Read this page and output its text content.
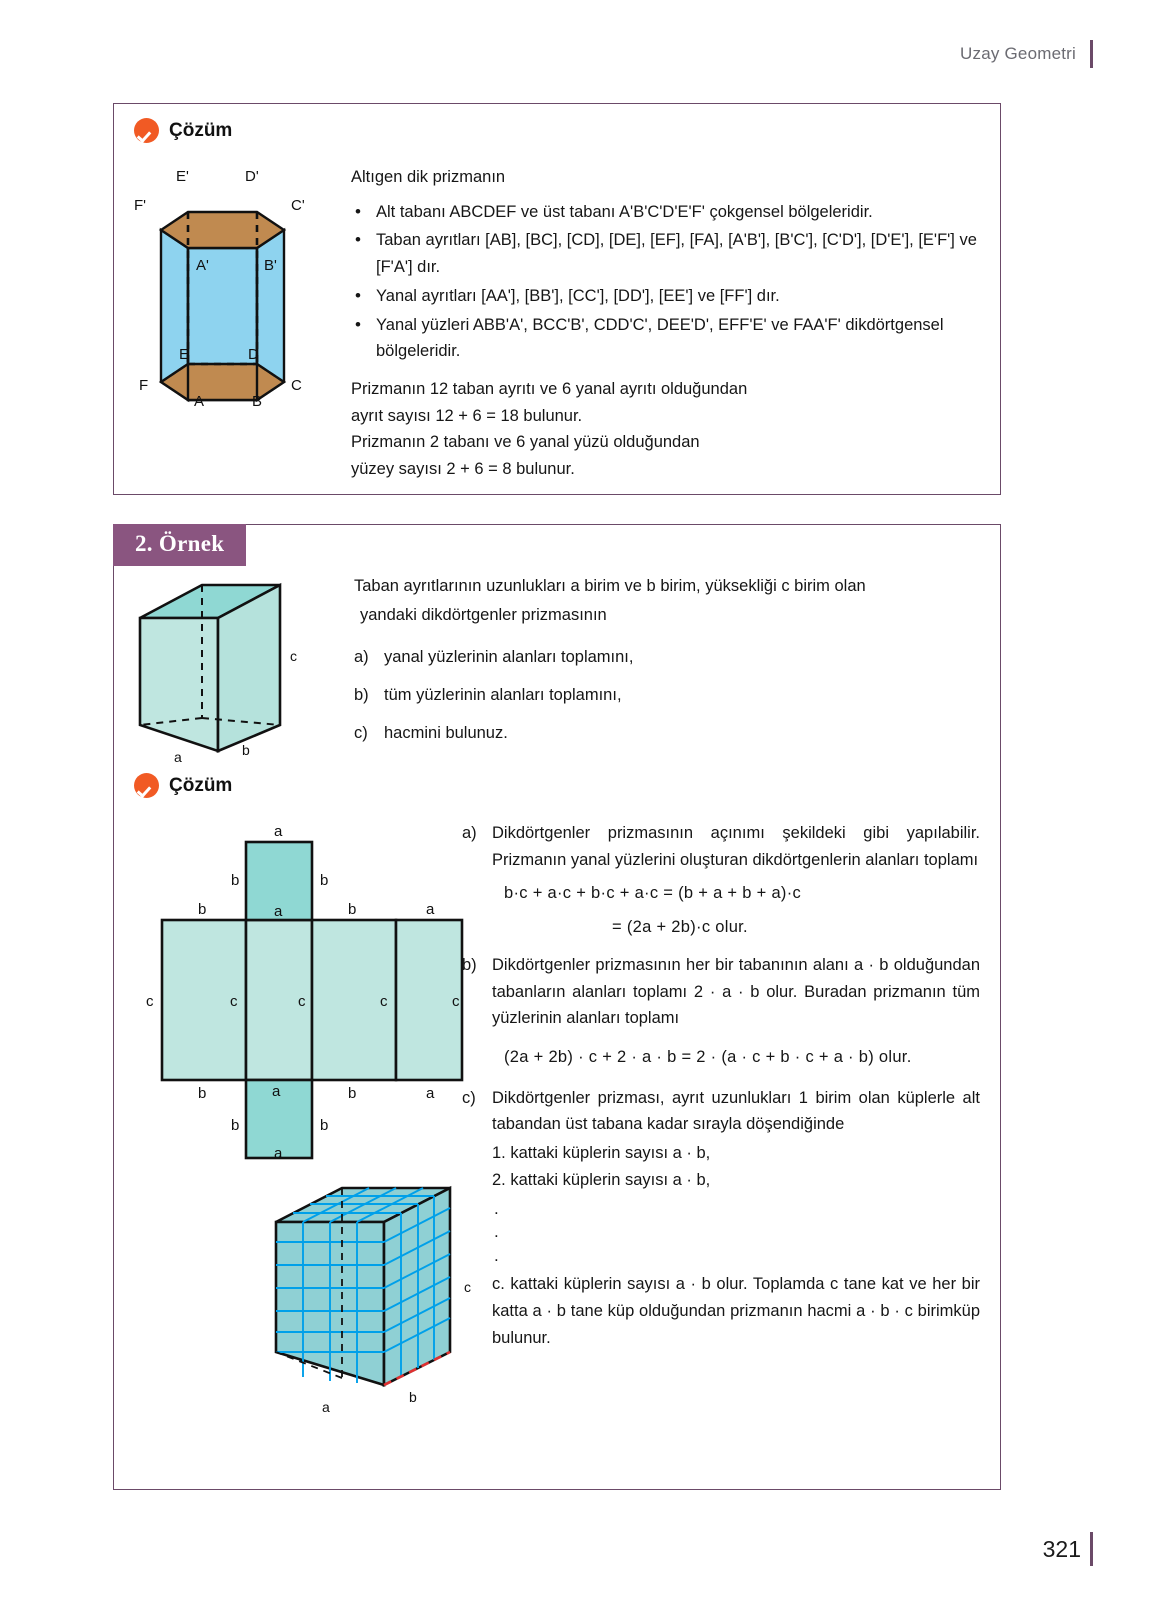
Uzay Geometri
Çözüm
E'	D'
C'
F'
A'	B'
E	D
C
F
A	B

Altıgen dik prizmanın

• Alt tabanı ABCDEF ve üst tabanı A'B'C'D'E'F' çokgensel bölgeleridir.
• Taban ayrıtları [AB], [BC], [CD], [DE], [EF], [FA], [A'B'], [B'C'], [C'D'], [D'E'], [E'F'] ve [F'A'] dır.
• Yanal ayrıtları [AA'], [BB'], [CC'], [DD'], [EE'] ve [FF'] dır.
• Yanal yüzleri ABB'A', BCC'B', CDD'C', DEE'D', EFF'E' ve FAA'F' dikdörtgensel bölgeleridir.

Prizmanın 12 taban ayrıtı ve 6 yanal ayrıtı olduğundan

ayrıt sayısı 12 + 6 = 18 bulunur.

Prizmanın 2 tabanı ve 6 yanal yüzü olduğundan

yüzey sayısı 2 + 6 = 8 bulunur.

2. Örnek
c
a	b

Taban ayrıtlarının uzunlukları a birim ve b birim, yüksekliği c birim olan

yandaki dikdörtgenler prizmasının

a) yanal yüzlerinin alanları toplamını,
b) tüm yüzlerinin alanları toplamını,
c) hacmini bulunuz.
Çözüm
a
b	b
b	a	b	a
c	c	c	c	c
b	a	b	a
b	b
a
c
a
b
a) Dikdörtgenler prizmasının açınımı şekildeki gibi yapılabilir. Prizmanın yanal yüzlerini oluşturan dikdörtgenlerin alanları toplamı
b·c + a·c + b·c + a·c = (b + a + b + a)·c
= (2a + 2b)·c olur.
b) Dikdörtgenler prizmasının her bir tabanının alanı a · b olduğundan tabanların alanları toplamı 2 · a · b olur. Buradan prizmanın tüm yüzlerinin alanları toplamı
(2a + 2b) · c + 2 · a · b = 2 · (a · c + b · c + a · b) olur.
c) Dikdörtgenler prizması, ayrıt uzunlukları 1 birim olan küplerle alt tabandan üst tabana kadar sırayla döşendiğinde
1. kattaki küplerin sayısı a · b,
2. kattaki küplerin sayısı a · b,
.
.
.
c. kattaki küplerin sayısı a · b olur. Toplamda c tane kat ve her bir katta a · b tane küp olduğundan prizmanın hacmi a · b · c birimküp bulunur.
321
